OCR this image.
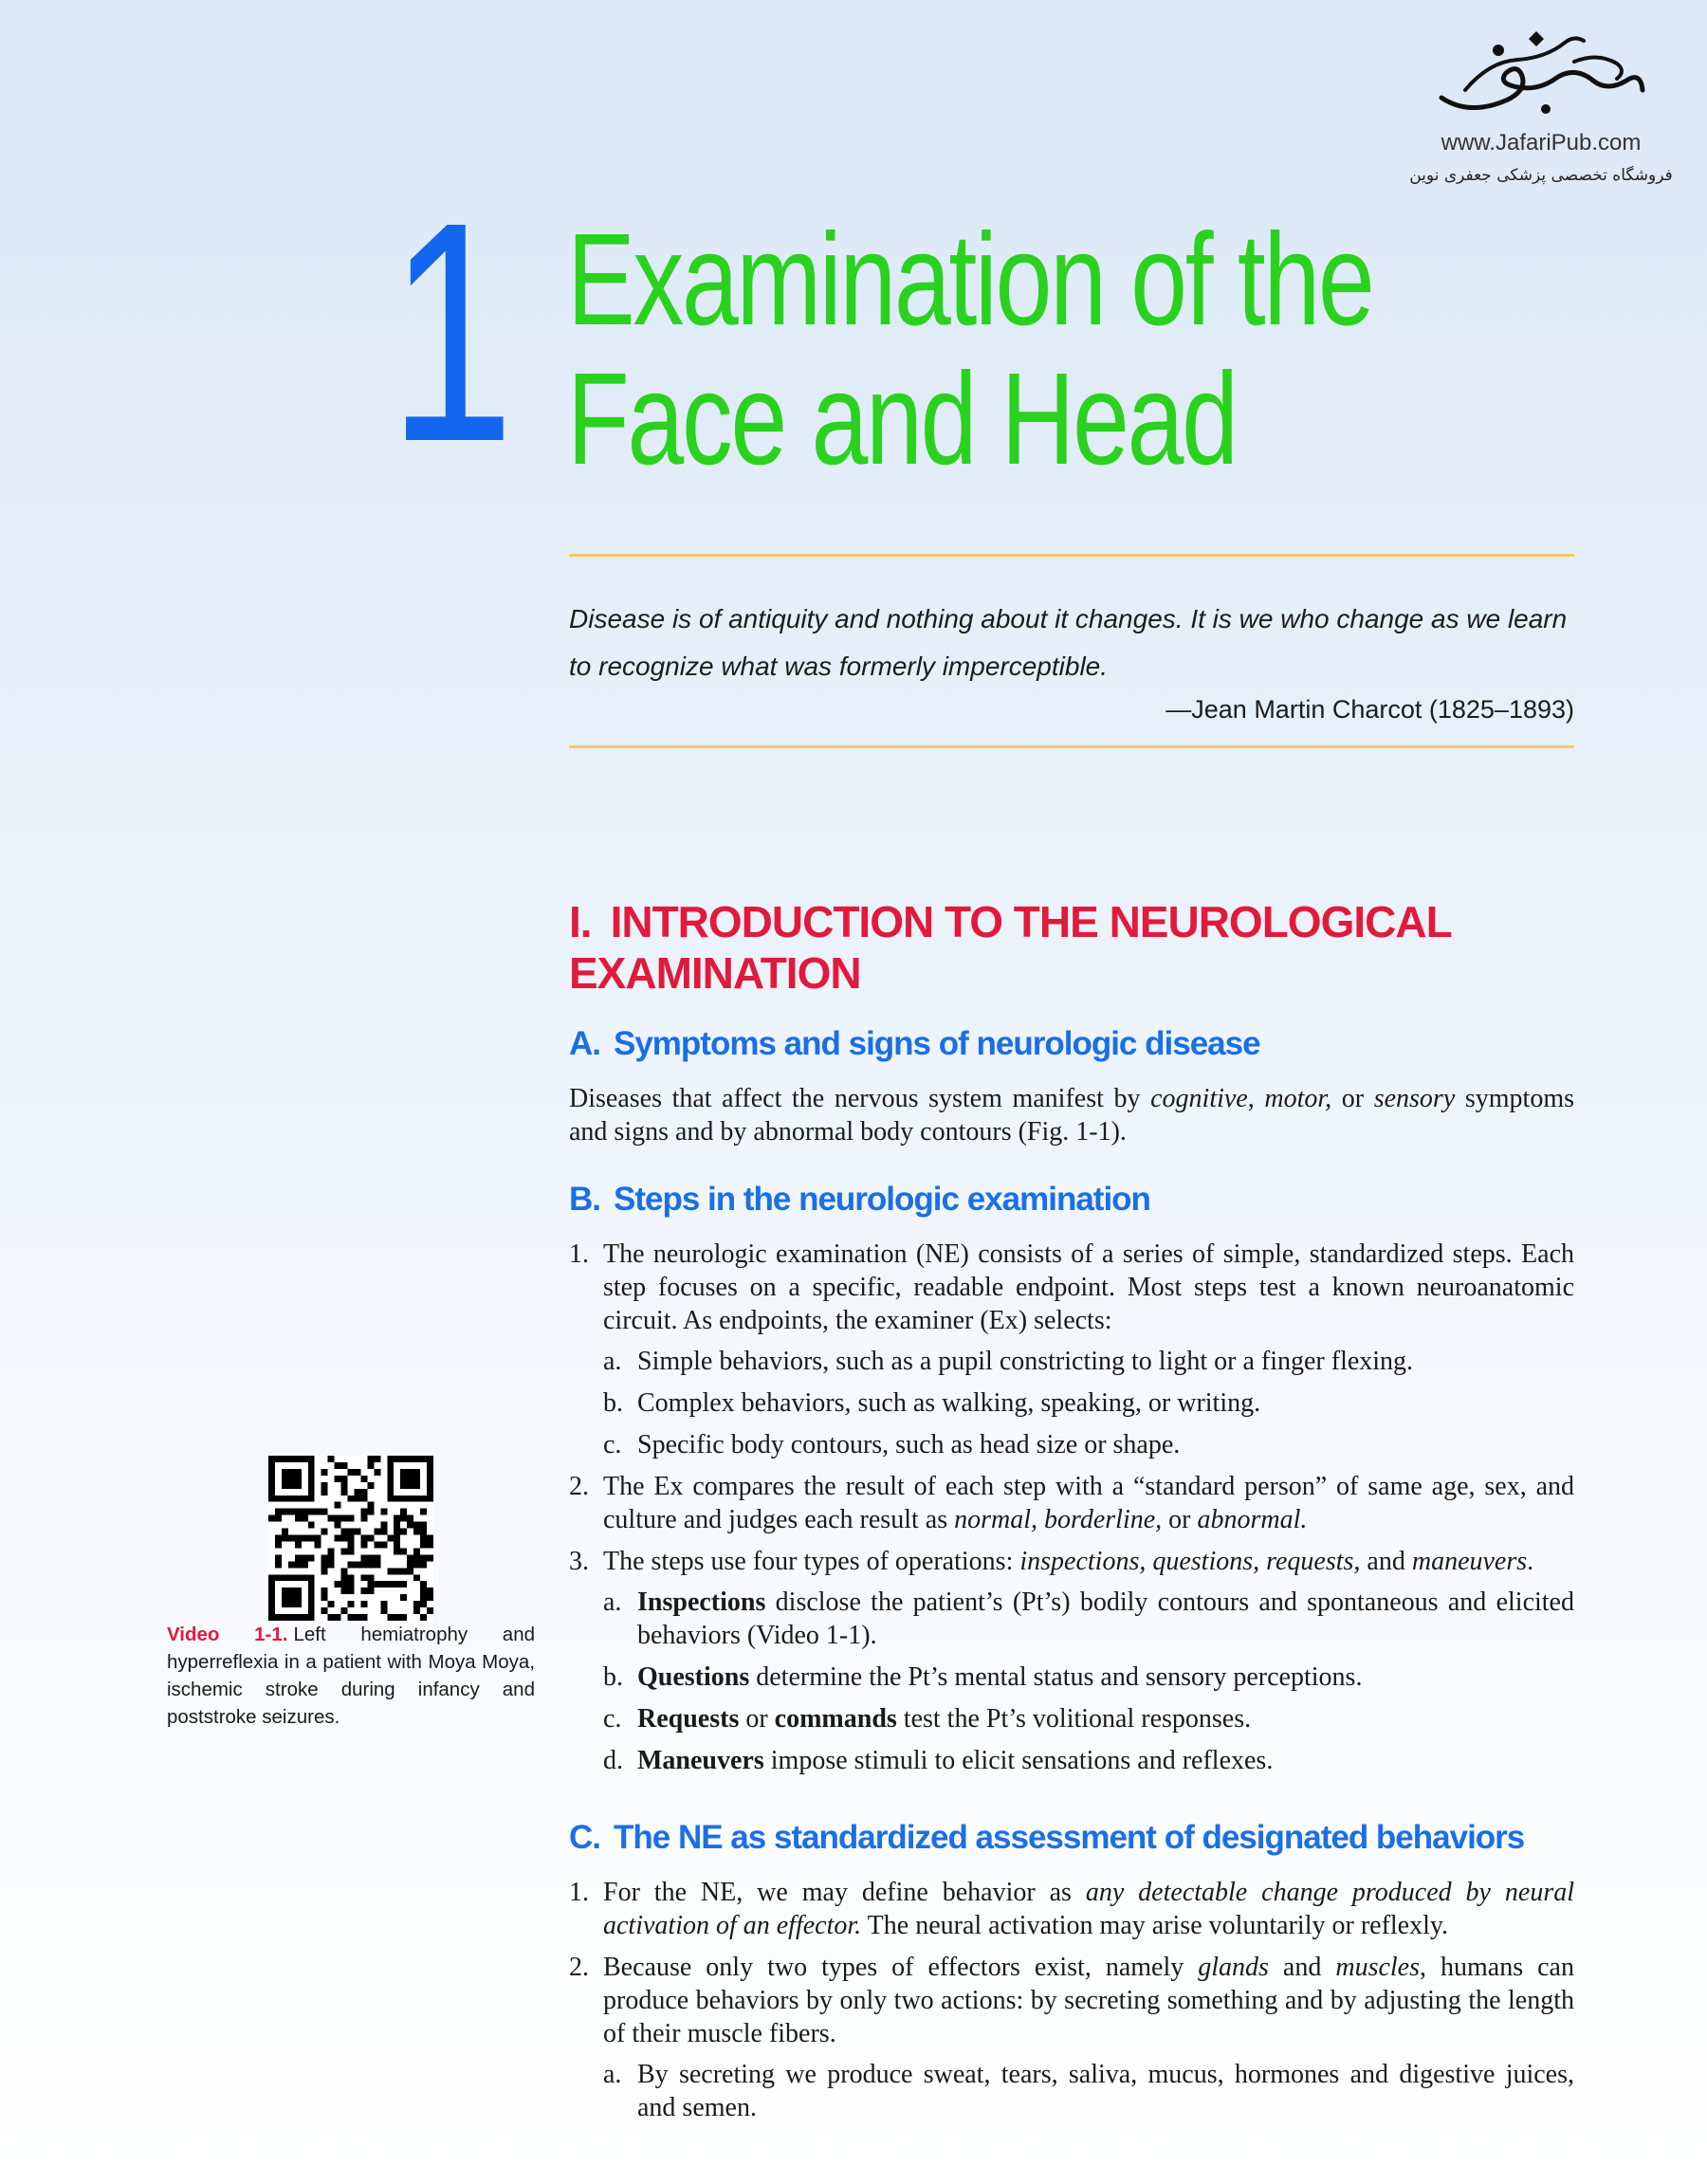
www.JafariPub.com
فروشگاه تخصصی پزشکی جعفری نوین
1 Examination of the
Face and Head
Disease is of antiquity and nothing about it changes. It is we who change as we learn to recognize what was formerly imperceptible.
—Jean Martin Charcot (1825–1893)
I. INTRODUCTION TO THE NEUROLOGICAL EXAMINATION
A. Symptoms and signs of neurologic disease
Diseases that affect the nervous system manifest by cognitive, motor, or sensory symptoms and signs and by abnormal body contours (Fig. 1-1).
B. Steps in the neurologic examination
1. The neurologic examination (NE) consists of a series of simple, standardized steps. Each step focuses on a specific, readable endpoint. Most steps test a known neuroanatomic circuit. As endpoints, the examiner (Ex) selects:
a. Simple behaviors, such as a pupil constricting to light or a finger flexing.
b. Complex behaviors, such as walking, speaking, or writing.
c. Specific body contours, such as head size or shape.
2. The Ex compares the result of each step with a “standard person” of same age, sex, and culture and judges each result as normal, borderline, or abnormal.
3. The steps use four types of operations: inspections, questions, requests, and maneuvers.
a. Inspections disclose the patient’s (Pt’s) bodily contours and spontaneous and elicited behaviors (Video 1-1).
b. Questions determine the Pt’s mental status and sensory perceptions.
c. Requests or commands test the Pt’s volitional responses.
d. Maneuvers impose stimuli to elicit sensations and reflexes.
C. The NE as standardized assessment of designated behaviors
1. For the NE, we may define behavior as any detectable change produced by neural activation of an effector. The neural activation may arise voluntarily or reflexly.
2. Because only two types of effectors exist, namely glands and muscles, humans can produce behaviors by only two actions: by secreting something and by adjusting the length of their muscle fibers.
a. By secreting we produce sweat, tears, saliva, mucus, hormones and digestive juices, and semen.
Video 1-1. Left hemiatrophy and hyperreflexia in a patient with Moya Moya, ischemic stroke during infancy and poststroke seizures.
